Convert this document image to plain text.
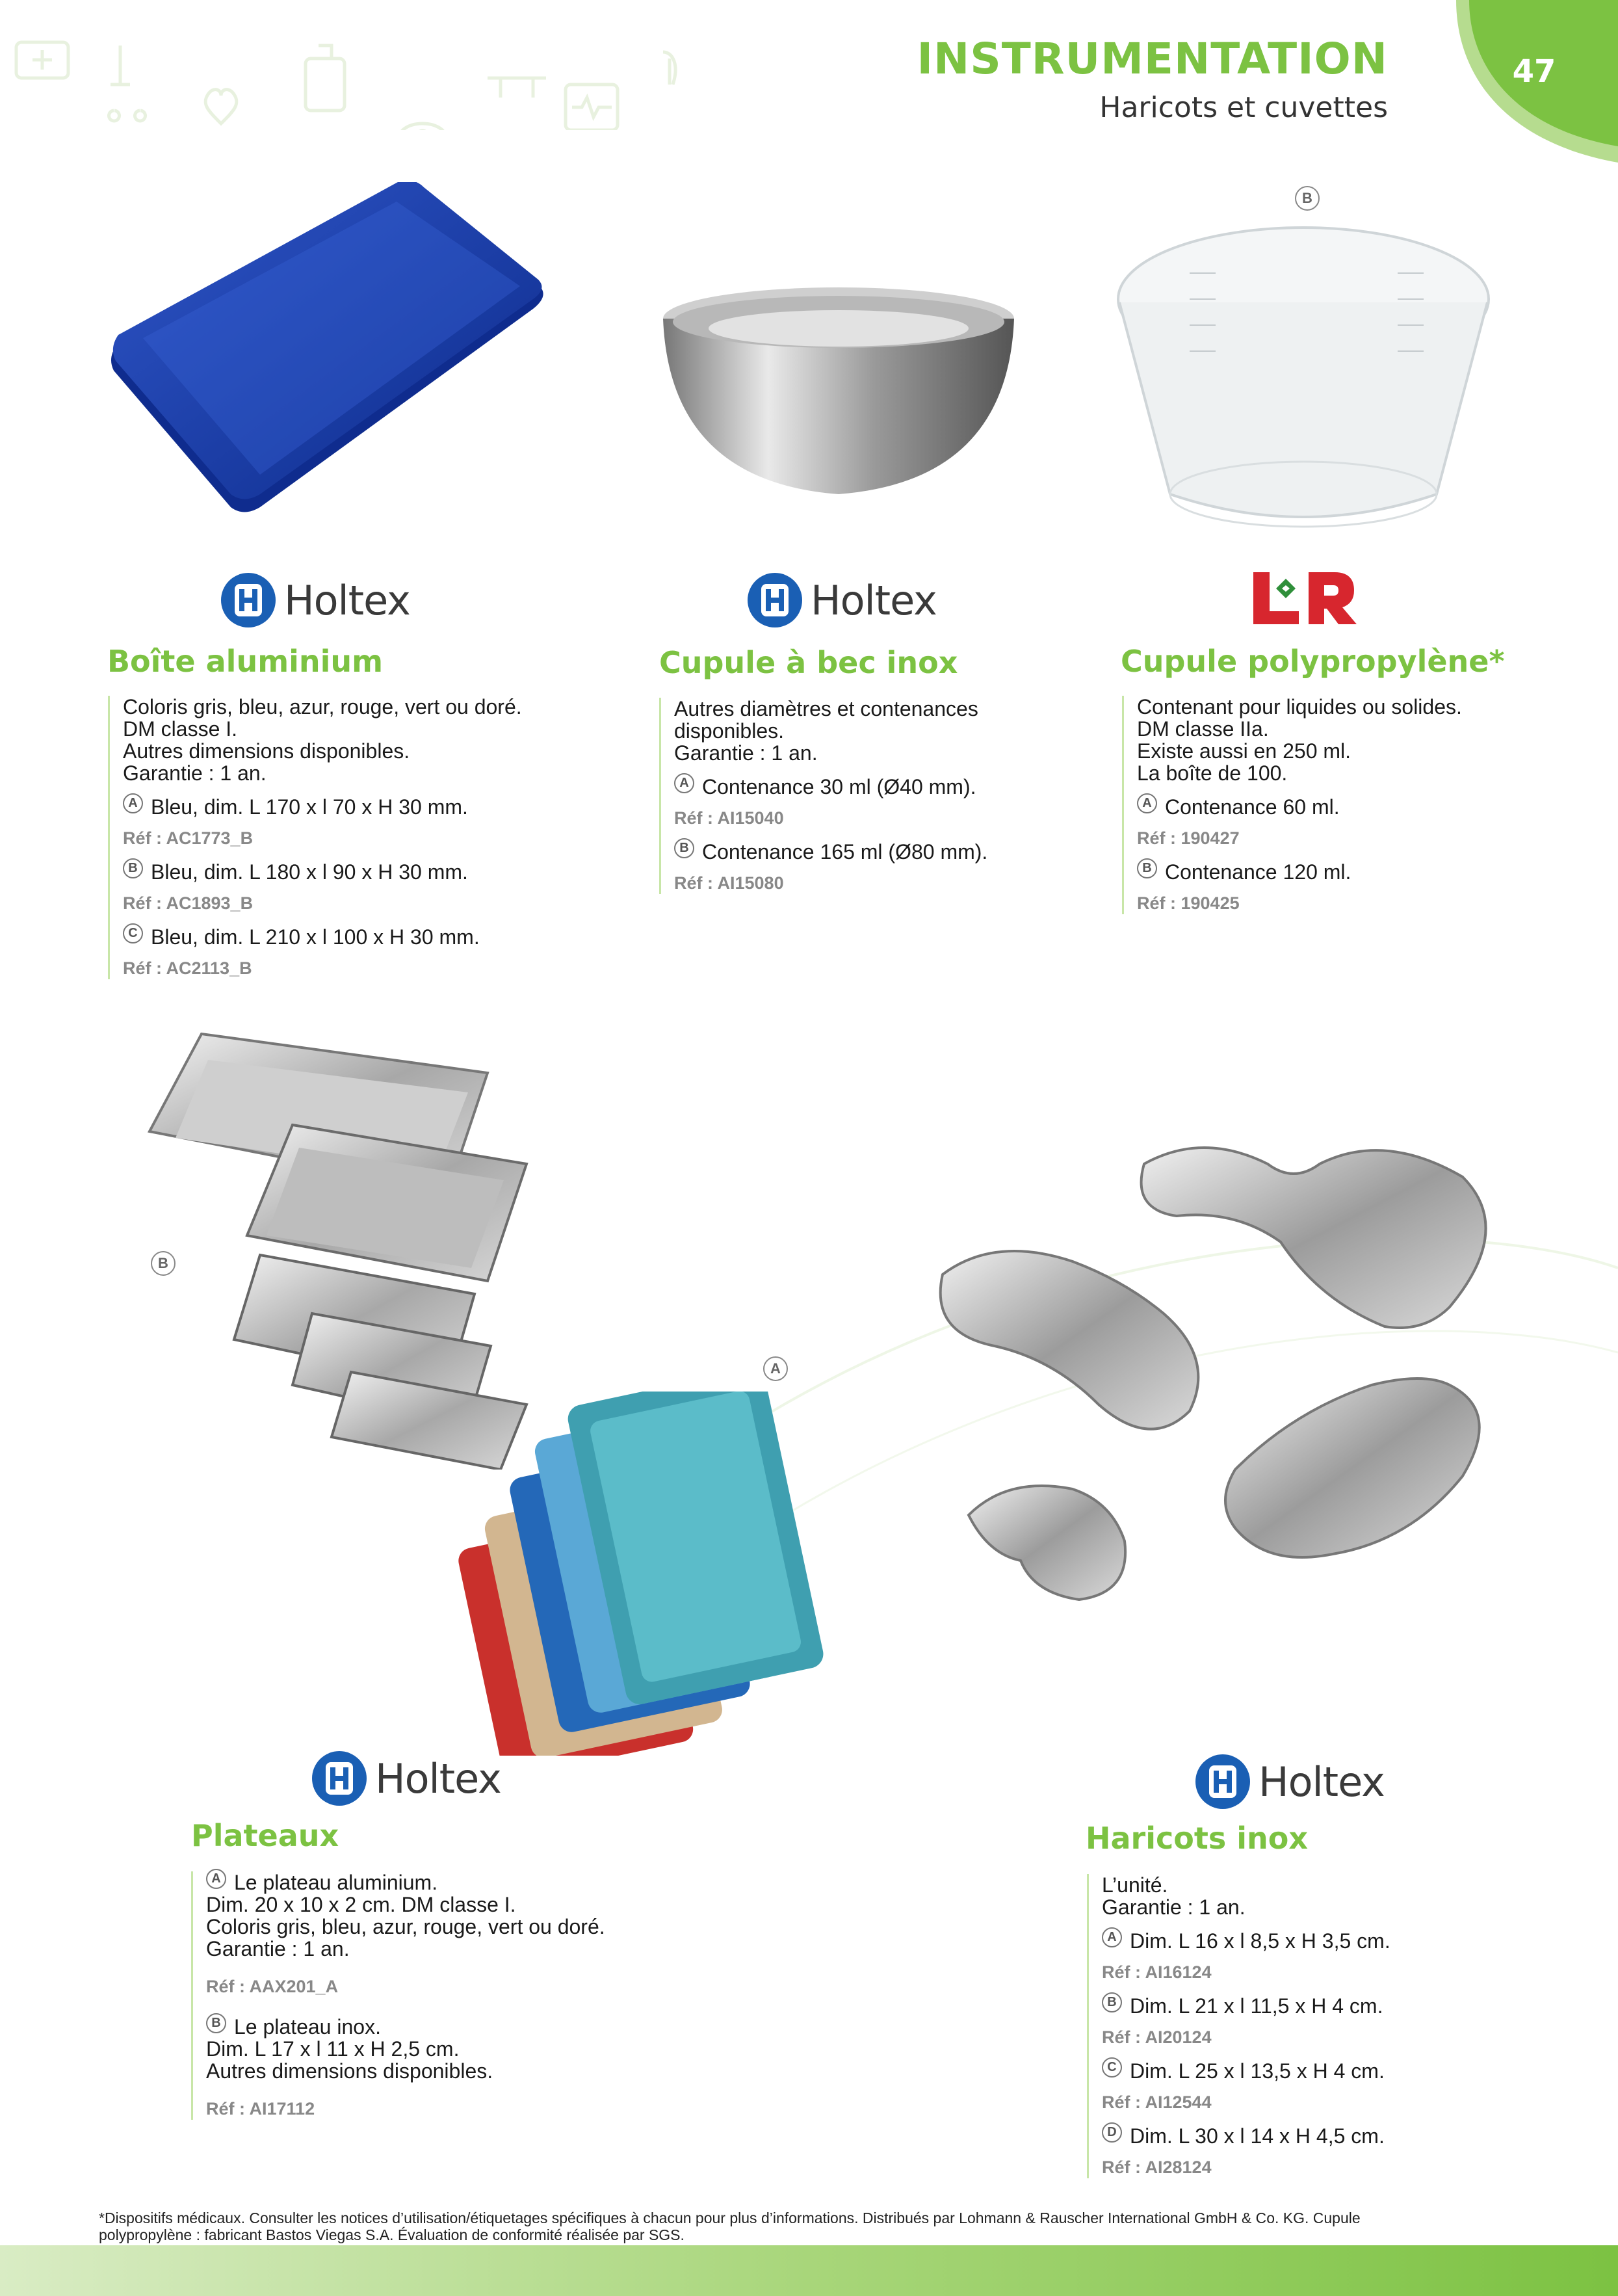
47
INSTRUMENTATION
Haricots et cuvettes
B
B
A
Holtex	Holtex
Holtex	Holtex
Boîte aluminium
Coloris gris, bleu, azur, rouge, vert ou doré.
DM classe I.
Autres dimensions disponibles.
Garantie : 1 an.
A Bleu, dim. L 170 x l 70 x H 30 mm.
Réf : AC1773_B
B Bleu, dim. L 180 x l 90 x H 30 mm.
Réf : AC1893_B
C Bleu, dim. L 210 x l 100 x H 30 mm.
Réf : AC2113_B
Cupule à bec inox
Autres diamètres et contenances
disponibles.
Garantie : 1 an.
A Contenance 30 ml (Ø40 mm).
Réf : AI15040
B Contenance 165 ml (Ø80 mm).
Réf : AI15080
Cupule polypropylène*
Contenant pour liquides ou solides.
DM classe IIa.
Existe aussi en 250 ml.
La boîte de 100.
A Contenance 60 ml.
Réf : 190427
B Contenance 120 ml.
Réf : 190425
Plateaux
A Le plateau aluminium.
Dim. 20 x 10 x 2 cm. DM classe I.
Coloris gris, bleu, azur, rouge, vert ou doré.
Garantie : 1 an.
Réf : AAX201_A
B Le plateau inox.
Dim. L 17 x l 11 x H 2,5 cm.
Autres dimensions disponibles.
Réf : AI17112
Haricots inox
L’unité.
Garantie : 1 an.
A Dim. L 16 x l 8,5 x H 3,5 cm.
Réf : AI16124
B Dim. L 21 x l 11,5 x H 4 cm.
Réf : AI20124
C Dim. L 25 x l 13,5 x H 4 cm.
Réf : AI12544
D Dim. L 30 x l 14 x H 4,5 cm.
Réf : AI28124
*Dispositifs médicaux. Consulter les notices d’utilisation/étiquetages spécifiques à chacun pour plus d’informations. Distribués par Lohmann & Rauscher International GmbH & Co. KG. Cupule
polypropylène : fabricant Bastos Viegas S.A. Évaluation de conformité réalisée par SGS.
